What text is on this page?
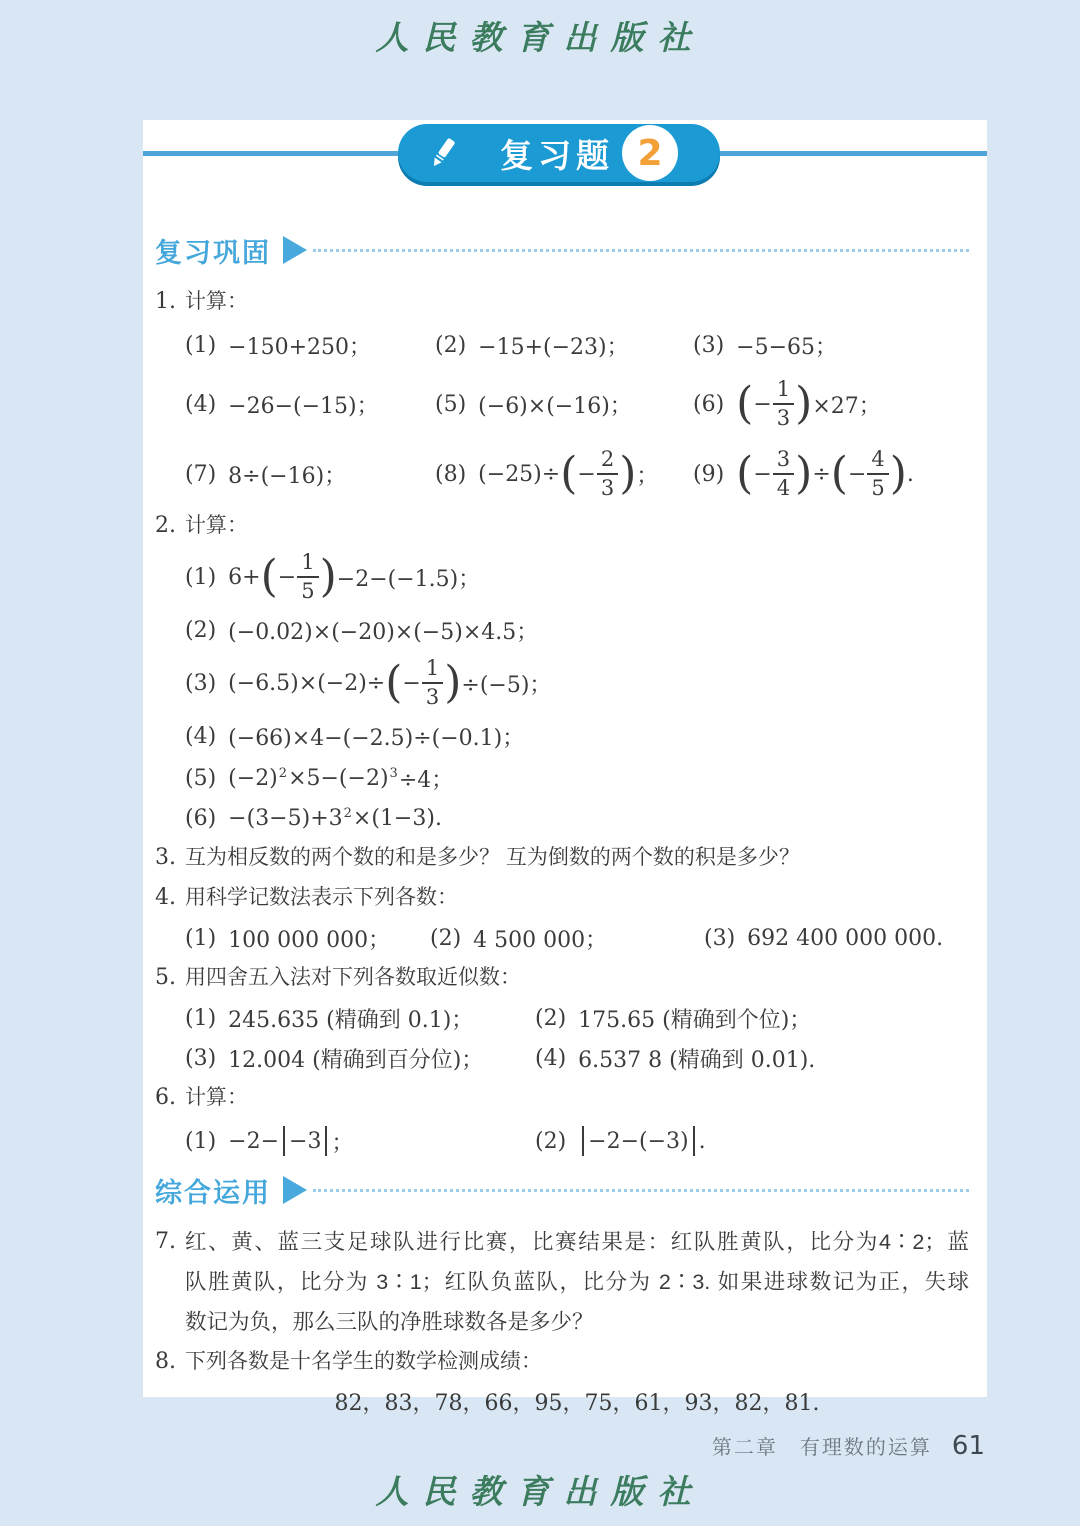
人民教育出版社
复习题 2
复习巩固
1. 计算：
(1) −150+250；	(2) −15+(−23)；	(3) −5−65；
(4) −26−(−15)；	(5) (−6)×(−16)；	(6) ( − $\frac{1}{3}$ ) ×27；
(7) 8÷(−16)；	(8) (−25)÷ ( − $\frac{2}{3}$ ) ； (9) ( − $\frac{3}{4}$ ) ÷ ( − $\frac{4}{5}$ ) .
2. 计算：
(1) 6+ ( − $\frac{1}{5}$ ) −2−(−1.5)；
(2) (−0.02)×(−20)×(−5)×4.5；
(3) (−6.5)×(−2)÷ ( − $\frac{1}{3}$ ) ÷(−5)；
(4) (−66)×4−(−2.5)÷(−0.1)；
(5) (−2) 2 ×5−(−2) 3 ÷4；
(6) −(3−5)+3 2 ×(1−3).
3. 互为相反数的两个数的和是多少？ 互为倒数的两个数的积是多少？
4. 用科学记数法表示下列各数：
(1) 100 000 000； (2) 4 500 000；	(3) 692 400 000 000.
5. 用四舍五入法对下列各数取近似数：
(1) 245.635 (精确到 0.1)；	(2) 175.65 (精确到个位)；
(3) 12.004 (精确到百分位)； (4) 6.537 8 (精确到 0.01).
6. 计算：
(1) −2− −3 ；	(2) −2−(−3) .
综合运用
7. 红、黄、蓝三支足球队进行比赛，比赛结果是：红队胜黄队，比分为4∶2；蓝
队胜黄队，比分为 3∶1；红队负蓝队，比分为 2∶3. 如果进球数记为正，失球
数记为负，那么三队的净胜球数各是多少？
8. 下列各数是十名学生的数学检测成绩：
82，83，78，66，95，75，61，93，82，81.
第二章　有理数的运算 61
人民教育出版社
